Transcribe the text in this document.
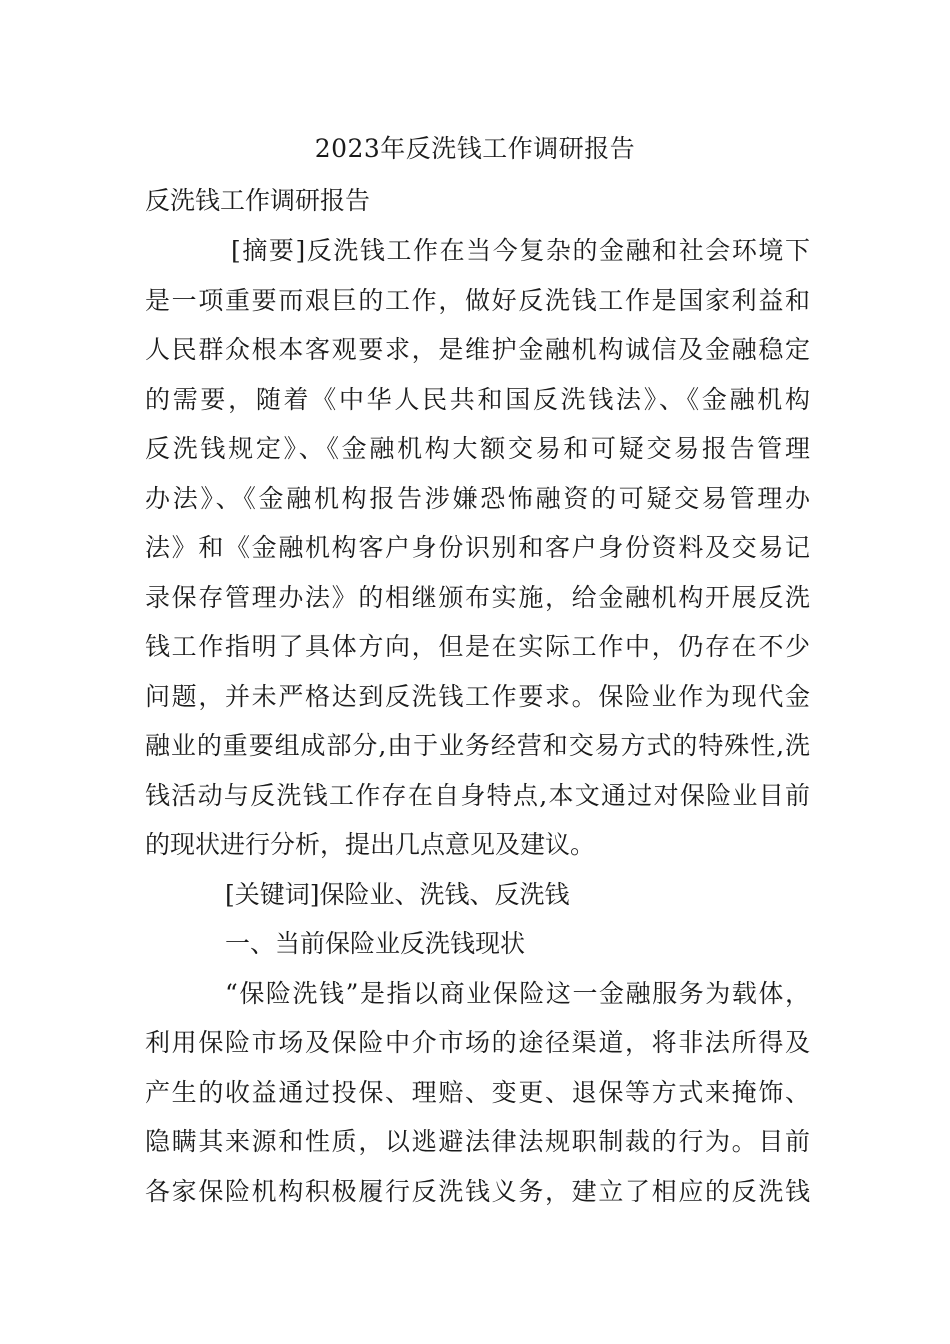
2023年反洗钱工作调研报告
反洗钱工作调研报告
[摘要]反洗钱工作在当今复杂的金融和社会环境下
是一项重要而艰巨的工作，做好反洗钱工作是国家利益和
人民群众根本客观要求，是维护金融机构诚信及金融稳定
的需要，随着《中华人民共和国反洗钱法》、《金融机构
反洗钱规定》、《金融机构大额交易和可疑交易报告管理
办法》、《金融机构报告涉嫌恐怖融资的可疑交易管理办
法》和《金融机构客户身份识别和客户身份资料及交易记
录保存管理办法》的相继颁布实施，给金融机构开展反洗
钱工作指明了具体方向，但是在实际工作中，仍存在不少
问题，并未严格达到反洗钱工作要求。保险业作为现代金
融业的重要组成部分,由于业务经营和交易方式的特殊性,洗
钱活动与反洗钱工作存在自身特点,本文通过对保险业目前
的现状进行分析，提出几点意见及建议。
[关键词]保险业、洗钱、反洗钱
一、当前保险业反洗钱现状
“保险洗钱”是指以商业保险这一金融服务为载体，
利用保险市场及保险中介市场的途径渠道，将非法所得及
产生的收益通过投保、理赔、变更、退保等方式来掩饰、
隐瞒其来源和性质，以逃避法律法规职制裁的行为。目前
各家保险机构积极履行反洗钱义务，建立了相应的反洗钱
